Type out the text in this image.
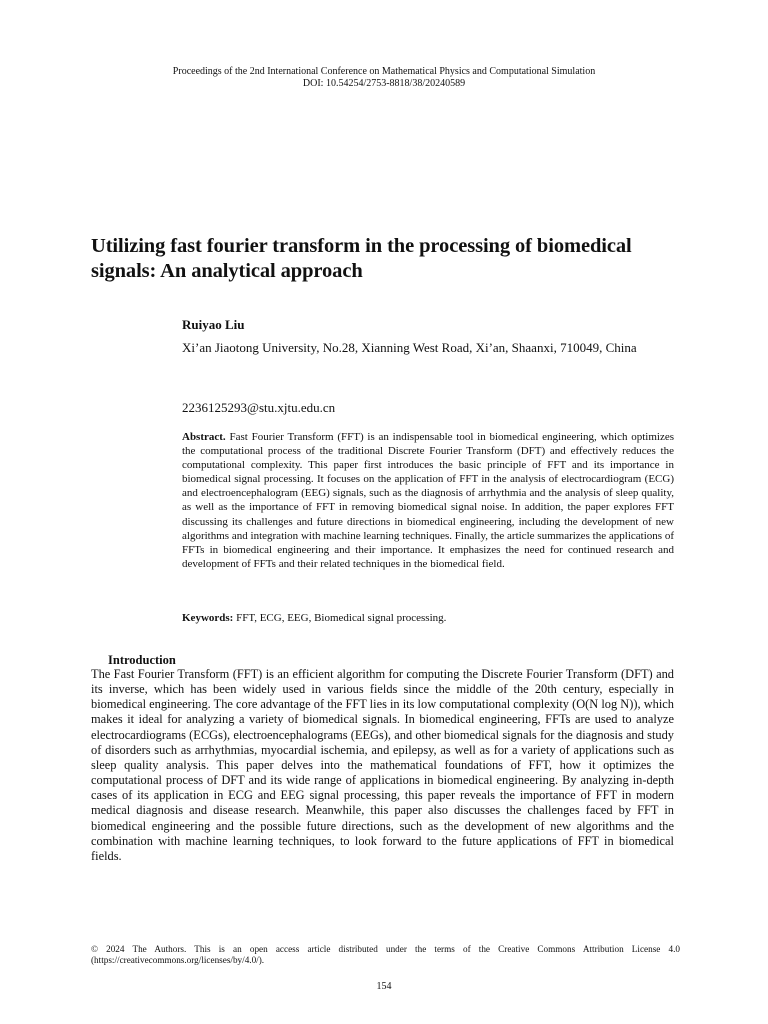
Proceedings of the 2nd International Conference on Mathematical Physics and Computational Simulation
DOI: 10.54254/2753-8818/38/20240589
Utilizing fast fourier transform in the processing of biomedical signals: An analytical approach
Ruiyao Liu
Xi’an Jiaotong University, No.28, Xianning West Road, Xi’an, Shaanxi, 710049, China
2236125293@stu.xjtu.edu.cn
Abstract. Fast Fourier Transform (FFT) is an indispensable tool in biomedical engineering, which optimizes the computational process of the traditional Discrete Fourier Transform (DFT) and effectively reduces the computational complexity. This paper first introduces the basic principle of FFT and its importance in biomedical signal processing. It focuses on the application of FFT in the analysis of electrocardiogram (ECG) and electroencephalogram (EEG) signals, such as the diagnosis of arrhythmia and the analysis of sleep quality, as well as the importance of FFT in removing biomedical signal noise. In addition, the paper explores FFT discussing its challenges and future directions in biomedical engineering, including the development of new algorithms and integration with machine learning techniques. Finally, the article summarizes the applications of FFTs in biomedical engineering and their importance. It emphasizes the need for continued research and development of FFTs and their related techniques in the biomedical field.
Keywords: FFT, ECG, EEG, Biomedical signal processing.
Introduction

The Fast Fourier Transform (FFT) is an efficient algorithm for computing the Discrete Fourier Transform (DFT) and its inverse, which has been widely used in various fields since the middle of the 20th century, especially in biomedical engineering. The core advantage of the FFT lies in its low computational complexity (O(N log N)), which makes it ideal for analyzing a variety of biomedical signals. In biomedical engineering, FFTs are used to analyze electrocardiograms (ECGs), electroencephalograms (EEGs), and other biomedical signals for the diagnosis and study of disorders such as arrhythmias, myocardial ischemia, and epilepsy, as well as for a variety of applications such as sleep quality analysis. This paper delves into the mathematical foundations of FFT, how it optimizes the computational process of DFT and its wide range of applications in biomedical engineering. By analyzing in-depth cases of its application in ECG and EEG signal processing, this paper reveals the importance of FFT in modern medical diagnosis and disease research. Meanwhile, this paper also discusses the challenges faced by FFT in biomedical engineering and the possible future directions, such as the development of new algorithms and the combination with machine learning techniques, to look forward to the future applications of FFT in biomedical fields.

© 2024 The Authors. This is an open access article distributed under the terms of the Creative Commons Attribution License 4.0 (https://creativecommons.org/licenses/by/4.0/).
154
